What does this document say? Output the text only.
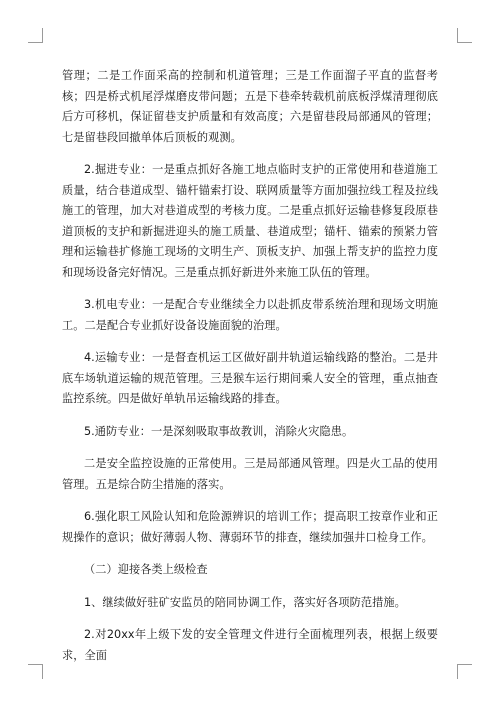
管理；二是工作面采高的控制和机道管理；三是工作面溜子平直的监督考核；四是桥式机尾浮煤磨皮带问题；五是下巷牵转载机前底板浮煤清理彻底后方可移机，保证留巷支护质量和有效高度；六是留巷段局部通风的管理；七是留巷段回撤单体后顶板的观测。

2.掘进专业：一是重点抓好各施工地点临时支护的正常使用和巷道施工质量，结合巷道成型、锚杆锚索打设、联网质量等方面加强拉线工程及拉线施工的管理，加大对巷道成型的考核力度。二是重点抓好运输巷修复段原巷道顶板的支护和新掘进迎头的施工质量、巷道成型；锚杆、锚索的预紧力管理和运输巷扩修施工现场的文明生产、顶板支护、加强上帮支护的监控力度和现场设备完好情况。三是重点抓好新进外来施工队伍的管理。

3.机电专业：一是配合专业继续全力以赴抓皮带系统治理和现场文明施工。二是配合专业抓好设备设施面貌的治理。

4.运输专业：一是督查机运工区做好副井轨道运输线路的整治。二是井底车场轨道运输的规范管理。三是猴车运行期间乘人安全的管理，重点抽查监控系统。四是做好单轨吊运输线路的排查。

5.通防专业：一是深刻吸取事故教训，消除火灾隐患。

二是安全监控设施的正常使用。三是局部通风管理。四是火工品的使用管理。五是综合防尘措施的落实。

6.强化职工风险认知和危险源辨识的培训工作；提高职工按章作业和正规操作的意识；做好薄弱人物、薄弱环节的排查，继续加强井口检身工作。

（二）迎接各类上级检查

1、继续做好驻矿安监员的陪同协调工作，落实好各项防范措施。

2.对20xx年上级下发的安全管理文件进行全面梳理列表，根据上级要求，全面
